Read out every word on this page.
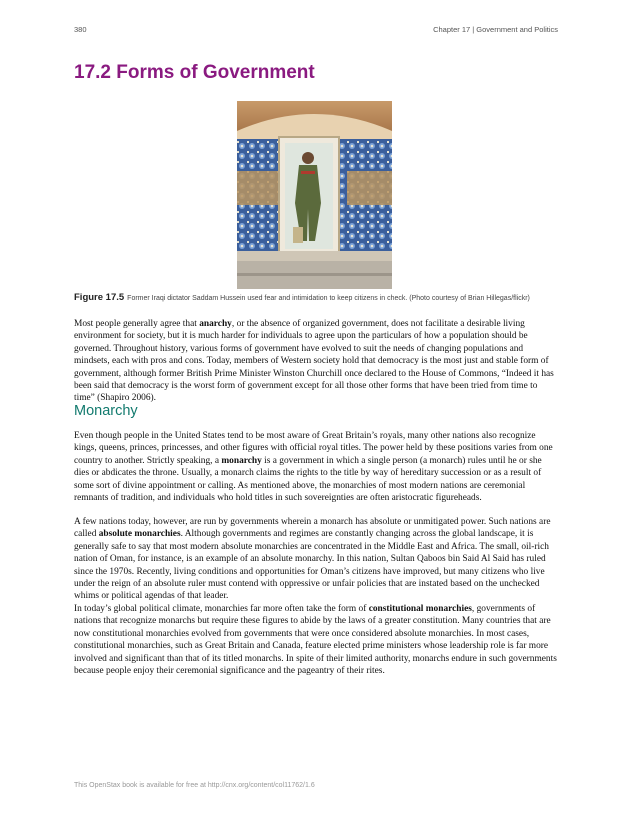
380	Chapter 17 | Government and Politics
17.2 Forms of Government
Figure 17.5 Former Iraqi dictator Saddam Hussein used fear and intimidation to keep citizens in check. (Photo courtesy of Brian Hillegas/flickr)

Most people generally agree that anarchy, or the absence of organized government, does not facilitate a desirable living environment for society, but it is much harder for individuals to agree upon the particulars of how a population should be governed. Throughout history, various forms of government have evolved to suit the needs of changing populations and mindsets, each with pros and cons. Today, members of Western society hold that democracy is the most just and stable form of government, although former British Prime Minister Winston Churchill once declared to the House of Commons, “Indeed it has been said that democracy is the worst form of government except for all those other forms that have been tried from time to time” (Shapiro 2006).

Monarchy

Even though people in the United States tend to be most aware of Great Britain’s royals, many other nations also recognize kings, queens, princes, princesses, and other figures with official royal titles. The power held by these positions varies from one country to another. Strictly speaking, a monarchy is a government in which a single person (a monarch) rules until he or she dies or abdicates the throne. Usually, a monarch claims the rights to the title by way of hereditary succession or as a result of some sort of divine appointment or calling. As mentioned above, the monarchies of most modern nations are ceremonial remnants of tradition, and individuals who hold titles in such sovereignties are often aristocratic figureheads.

A few nations today, however, are run by governments wherein a monarch has absolute or unmitigated power. Such nations are called absolute monarchies. Although governments and regimes are constantly changing across the global landscape, it is generally safe to say that most modern absolute monarchies are concentrated in the Middle East and Africa. The small, oil-rich nation of Oman, for instance, is an example of an absolute monarchy. In this nation, Sultan Qaboos bin Said Al Said has ruled since the 1970s. Recently, living conditions and opportunities for Oman’s citizens have improved, but many citizens who live under the reign of an absolute ruler must contend with oppressive or unfair policies that are instated based on the unchecked whims or political agendas of that leader.

In today’s global political climate, monarchies far more often take the form of constitutional monarchies, governments of nations that recognize monarchs but require these figures to abide by the laws of a greater constitution. Many countries that are now constitutional monarchies evolved from governments that were once considered absolute monarchies. In most cases, constitutional monarchies, such as Great Britain and Canada, feature elected prime ministers whose leadership role is far more involved and significant than that of its titled monarchs. In spite of their limited authority, monarchs endure in such governments because people enjoy their ceremonial significance and the pageantry of their rites.

This OpenStax book is available for free at http://cnx.org/content/col11762/1.6
